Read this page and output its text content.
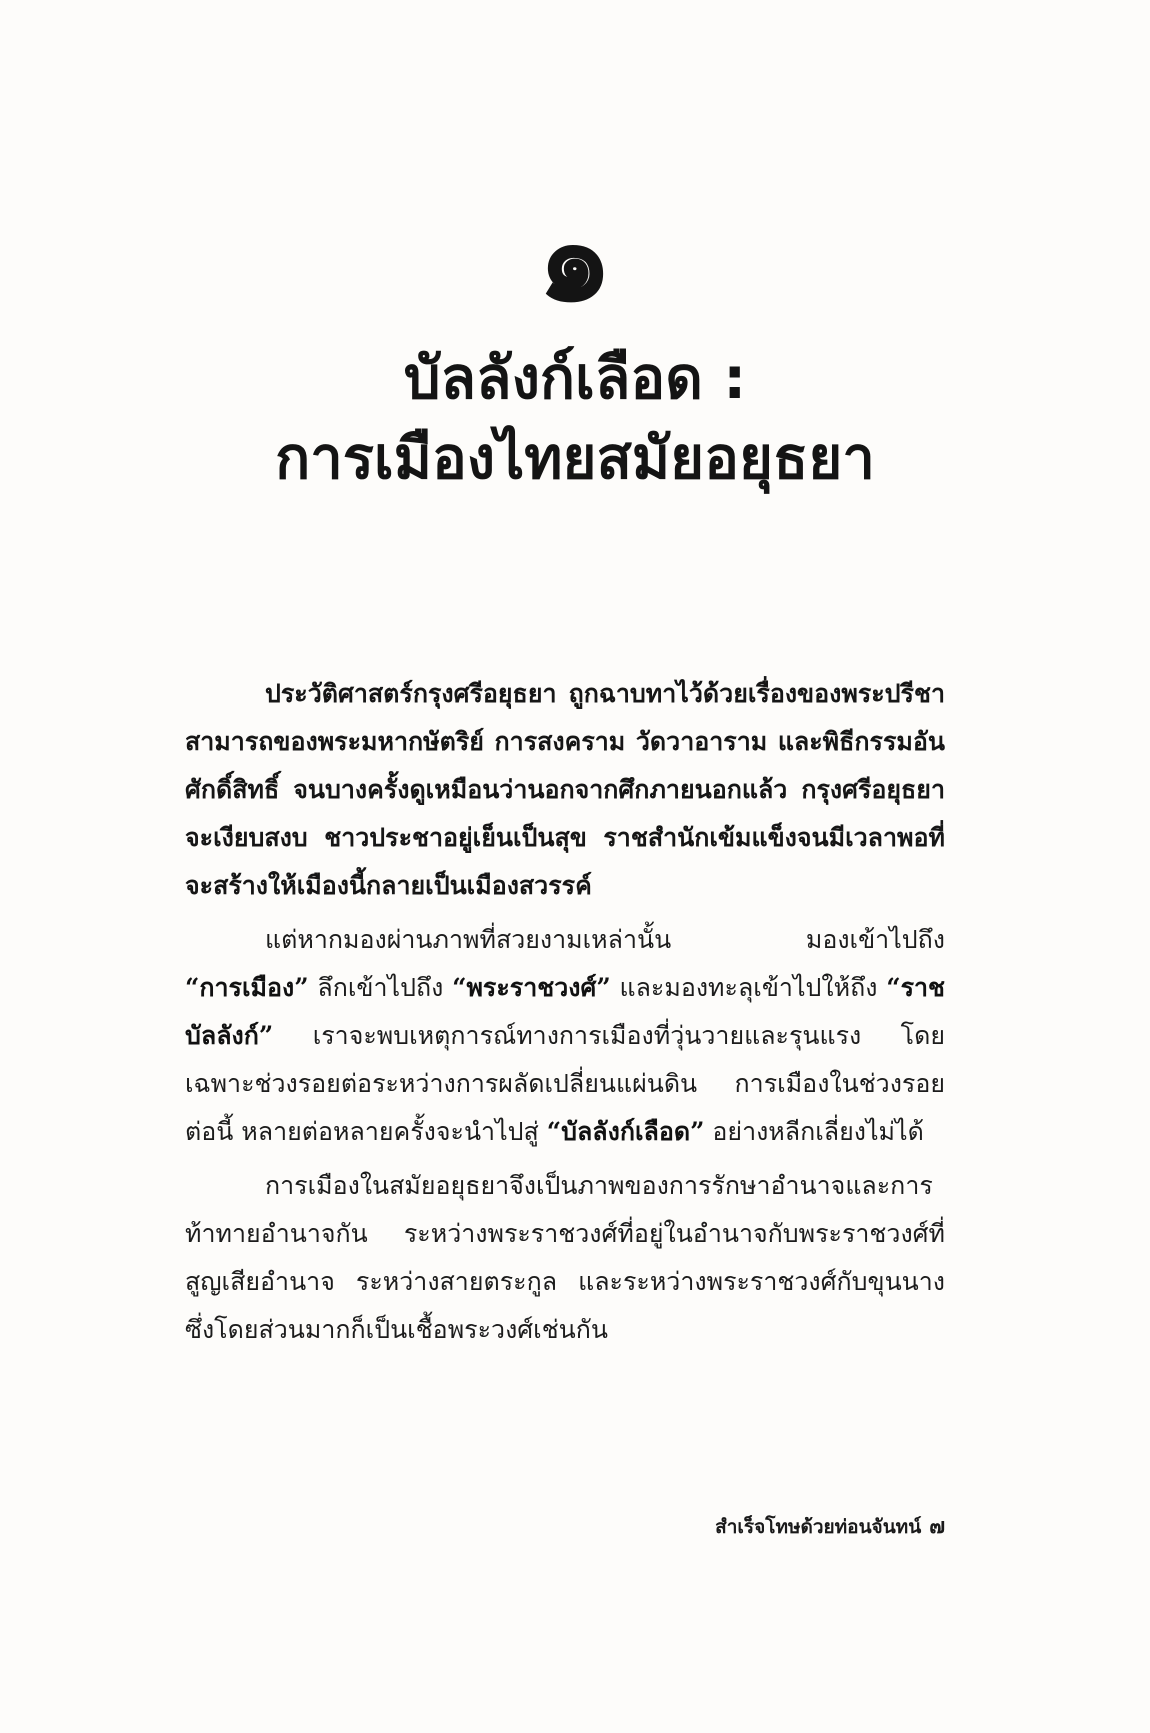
๑
บัลลังก์เลือด :
การเมืองไทยสมัยอยุธยา

ประวัติศาสตร์กรุงศรีอยุธยา ถูกฉาบทาไว้ด้วยเรื่องของพระปรีชาสามารถของพระมหากษัตริย์ การสงคราม วัดวาอาราม และพิธีกรรมอันศักดิ์สิทธิ์ จนบางครั้งดูเหมือนว่านอกจากศึกภายนอกแล้ว กรุงศรีอยุธยาจะเงียบสงบ ชาวประชาอยู่เย็นเป็นสุข ราชสำนักเข้มแข็งจนมีเวลาพอที่จะสร้างให้เมืองนี้กลายเป็นเมืองสวรรค์

แต่หากมองผ่านภาพที่สวยงามเหล่านั้น มองเข้าไปถึง “การเมือง” ลึกเข้าไปถึง “พระราชวงศ์” และมองทะลุเข้าไปให้ถึง “ราชบัลลังก์” เราจะพบเหตุการณ์ทางการเมืองที่วุ่นวายและรุนแรง โดยเฉพาะช่วงรอยต่อระหว่างการผลัดเปลี่ยนแผ่นดิน การเมืองในช่วงรอยต่อนี้ หลายต่อหลายครั้งจะนำไปสู่ “บัลลังก์เลือด” อย่างหลีกเลี่ยงไม่ได้

การเมืองในสมัยอยุธยาจึงเป็นภาพของการรักษาอำนาจและการท้าทายอำนาจกัน ระหว่างพระราชวงศ์ที่อยู่ในอำนาจกับพระราชวงศ์ที่สูญเสียอำนาจ ระหว่างสายตระกูล และระหว่างพระราชวงศ์กับขุนนาง ซึ่งโดยส่วนมากก็เป็นเชื้อพระวงศ์เช่นกัน

สำเร็จโทษด้วยท่อนจันทน์ ๗
